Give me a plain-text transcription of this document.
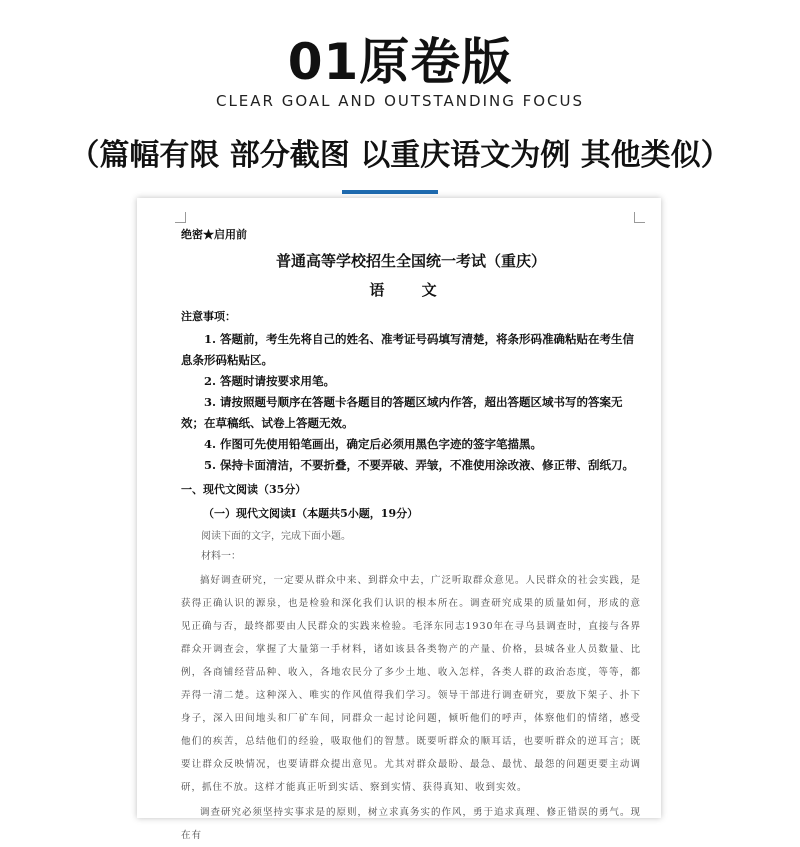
01原卷版
CLEAR GOAL AND OUTSTANDING FOCUS
（篇幅有限 部分截图 以重庆语文为例 其他类似）
绝密★启用前
普通高等学校招生全国统一考试（重庆）
语 文
注意事项：

1. 答题前，考生先将自己的姓名、准考证号码填写清楚，将条形码准确粘贴在考生信息条形码粘贴区。

2. 答题时请按要求用笔。

3. 请按照题号顺序在答题卡各题目的答题区域内作答，超出答题区域书写的答案无效；在草稿纸、试卷上答题无效。

4. 作图可先使用铅笔画出，确定后必须用黑色字迹的签字笔描黑。

5. 保持卡面清洁，不要折叠，不要弄破、弄皱，不准使用涂改液、修正带、刮纸刀。

一、现代文阅读（35分）
（一）现代文阅读Ⅰ（本题共5小题，19分）
阅读下面的文字，完成下面小题。
材料一：

搞好调查研究，一定要从群众中来、到群众中去，广泛听取群众意见。人民群众的社会实践，是获得正确认识的源泉，也是检验和深化我们认识的根本所在。调查研究成果的质量如何，形成的意见正确与否，最终都要由人民群众的实践来检验。毛泽东同志1930年在寻乌县调查时，直接与各界群众开调查会，掌握了大量第一手材料，诸如该县各类物产的产量、价格，县城各业人员数量、比例，各商铺经营品种、收入，各地农民分了多少土地、收入怎样，各类人群的政治态度，等等，都弄得一清二楚。这种深入、唯实的作风值得我们学习。领导干部进行调查研究，要放下架子、扑下身子，深入田间地头和厂矿车间，同群众一起讨论问题，倾听他们的呼声，体察他们的情绪，感受他们的疾苦，总结他们的经验，吸取他们的智慧。既要听群众的顺耳话，也要听群众的逆耳言；既要让群众反映情况，也要请群众提出意见。尤其对群众最盼、最急、最忧、最怨的问题更要主动调研，抓住不放。这样才能真正听到实话、察到实情、获得真知、收到实效。

调查研究必须坚持实事求是的原则，树立求真务实的作风，勇于追求真理、修正错误的勇气。现在有
